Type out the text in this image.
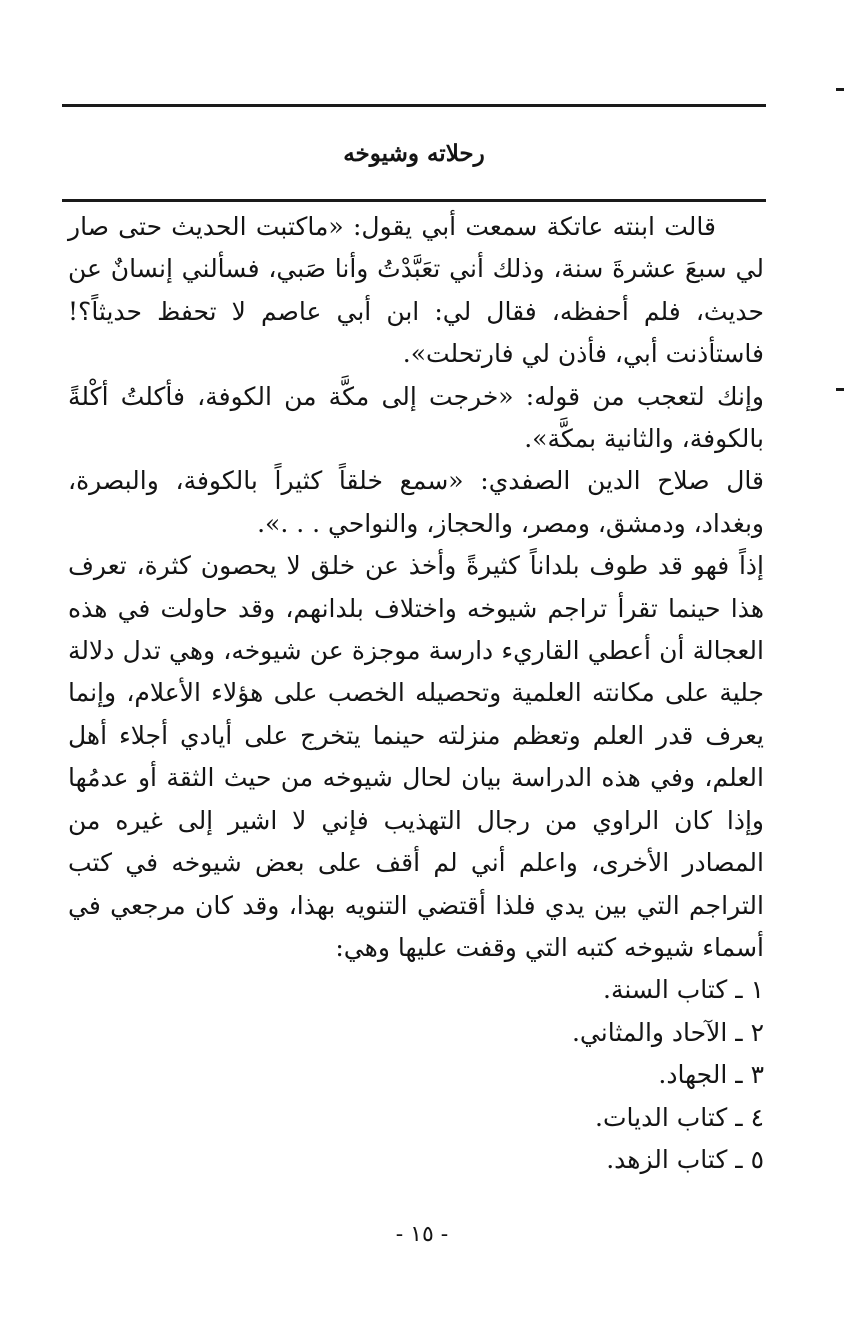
رحلاته وشيوخه

قالت ابنته عاتكة سمعت أبي يقول: «ماكتبت الحديث حتى صار لي سبعَ عشرةَ سنة، وذلك أني تعَبَّدْتُ وأنا صَبي، فسألني إنسانٌ عن حديث، فلم أحفظه، فقال لي: ابن أبي عاصم لا تحفظ حديثاً؟! فاستأذنت أبي، فأذن لي فارتحلت».

وإنك لتعجب من قوله: «خرجت إلى مكَّة من الكوفة، فأكلتُ أكْلةً بالكوفة، والثانية بمكَّة».

قال صلاح الدين الصفدي: «سمع خلقاً كثيراً بالكوفة، والبصرة، وبغداد، ودمشق، ومصر، والحجاز، والنواحي . . .».

إذاً فهو قد طوف بلداناً كثيرةً وأخذ عن خلق لا يحصون كثرة، تعرف هذا حينما تقرأ تراجم شيوخه واختلاف بلدانهم، وقد حاولت في هذه العجالة أن أعطي القاريء دارسة موجزة عن شيوخه، وهي تدل دلالة جلية على مكانته العلمية وتحصيله الخصب على هؤلاء الأعلام، وإنما يعرف قدر العلم وتعظم منزلته حينما يتخرج على أيادي أجلاء أهل العلم، وفي هذه الدراسة بيان لحال شيوخه من حيث الثقة أو عدمُها وإذا كان الراوي من رجال التهذيب فإني لا اشير إلى غيره من المصادر الأخرى، واعلم أني لم أقف على بعض شيوخه في كتب التراجم التي بين يدي فلذا أقتضي التنويه بهذا، وقد كان مرجعي في أسماء شيوخه كتبه التي وقفت عليها وهي:

١ ـ كتاب السنة.

٢ ـ الآحاد والمثاني.

٣ ـ الجهاد.

٤ ـ كتاب الديات.

٥ ـ كتاب الزهد.

- ١٥ -
